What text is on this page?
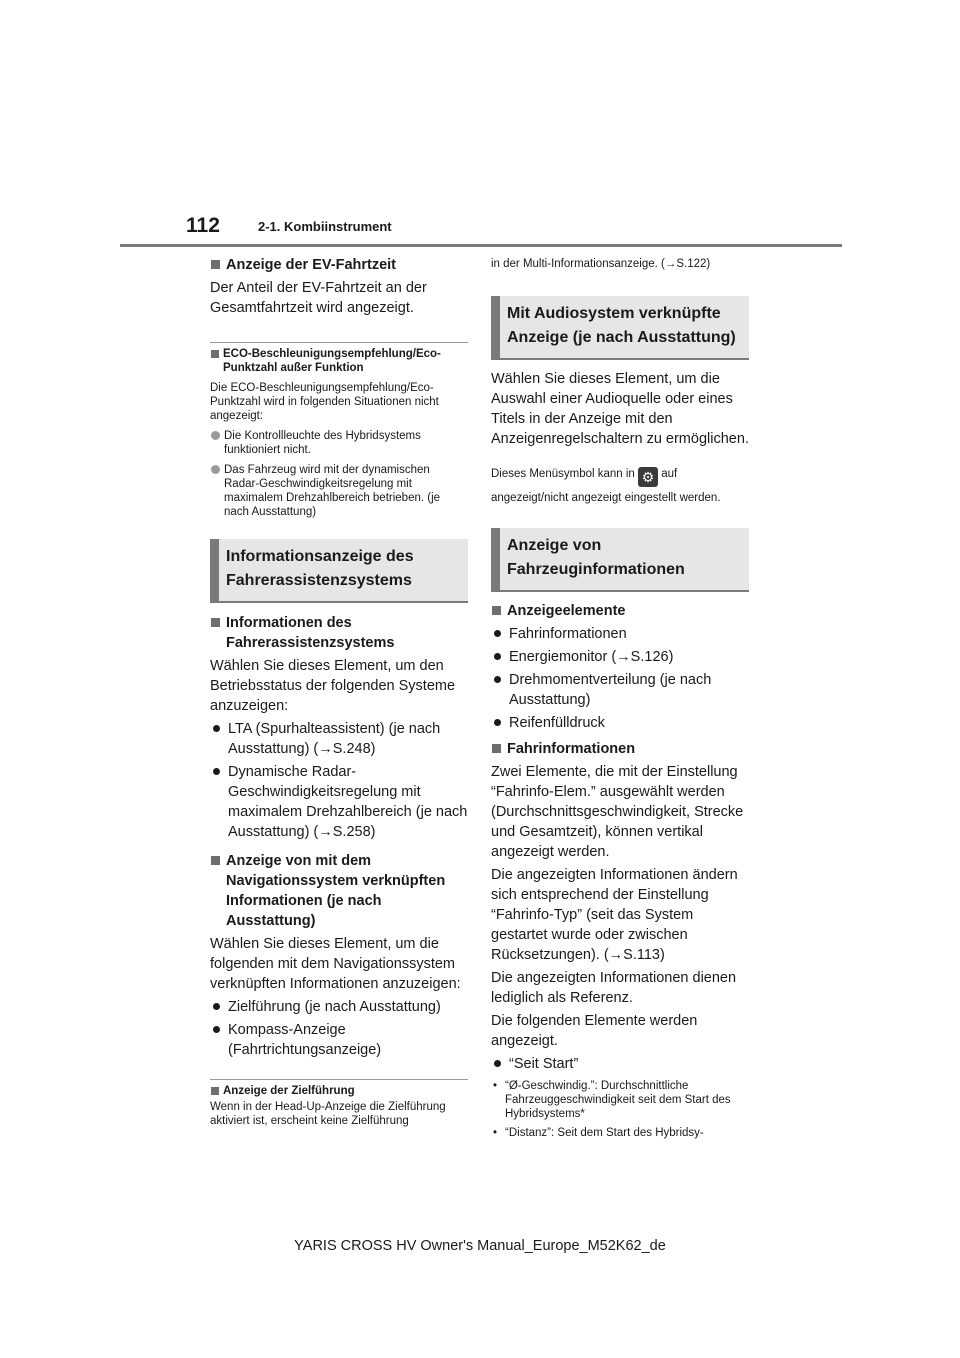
112	2-1. Kombiinstrument

Anzeige der EV-Fahrtzeit

Der Anteil der EV-Fahrtzeit an der Gesamtfahrtzeit wird angezeigt.

ECO-Beschleunigungsempfehlung/Eco-Punktzahl außer Funktion

Die ECO-Beschleunigungsempfehlung/Eco-Punktzahl wird in folgenden Situationen nicht angezeigt:

Die Kontrollleuchte des Hybridsystems funktioniert nicht.

Das Fahrzeug wird mit der dynamischen Radar-Geschwindigkeitsregelung mit maximalem Drehzahlbereich betrieben. (je nach Ausstattung)

Informationsanzeige des Fahrerassistenzsystems

Informationen des Fahrerassistenzsystems

Wählen Sie dieses Element, um den Betriebsstatus der folgenden Systeme anzuzeigen:

LTA (Spurhalteassistent) (je nach Ausstattung) (→S.248)

Dynamische Radar-Geschwindigkeitsregelung mit maximalem Drehzahlbereich (je nach Ausstattung) (→S.258)

Anzeige von mit dem Navigationssystem verknüpften Informationen (je nach Ausstattung)

Wählen Sie dieses Element, um die folgenden mit dem Navigationssystem verknüpften Informationen anzuzeigen:

Zielführung (je nach Ausstattung)

Kompass-Anzeige (Fahrtrichtungsanzeige)

Anzeige der Zielführung

Wenn in der Head-Up-Anzeige die Zielführung aktiviert ist, erscheint keine Zielführung

in der Multi-Informationsanzeige. (→S.122)

Mit Audiosystem verknüpfte Anzeige (je nach Ausstattung)

Wählen Sie dieses Element, um die Auswahl einer Audioquelle oder eines Titels in der Anzeige mit den Anzeigenregelschaltern zu ermöglichen.

Dieses Menüsymbol kann in ⚙ auf angezeigt/nicht angezeigt eingestellt werden.

Anzeige von Fahrzeuginformationen

Anzeigeelemente

Fahrinformationen

Energiemonitor (→S.126)

Drehmomentverteilung (je nach Ausstattung)

Reifenfülldruck

Fahrinformationen

Zwei Elemente, die mit der Einstellung “Fahrinfo-Elem.” ausgewählt werden (Durchschnittsgeschwindigkeit, Strecke und Gesamtzeit), können vertikal angezeigt werden.

Die angezeigten Informationen ändern sich entsprechend der Einstellung “Fahrinfo-Typ” (seit das System gestartet wurde oder zwischen Rücksetzungen). (→S.113)

Die angezeigten Informationen dienen lediglich als Referenz.

Die folgenden Elemente werden angezeigt.

“Seit Start”

• “Ø-Geschwindig.”: Durchschnittliche Fahrzeuggeschwindigkeit seit dem Start des Hybridsystems*

• “Distanz”: Seit dem Start des Hybridsy-

YARIS CROSS HV Owner's Manual_Europe_M52K62_de
